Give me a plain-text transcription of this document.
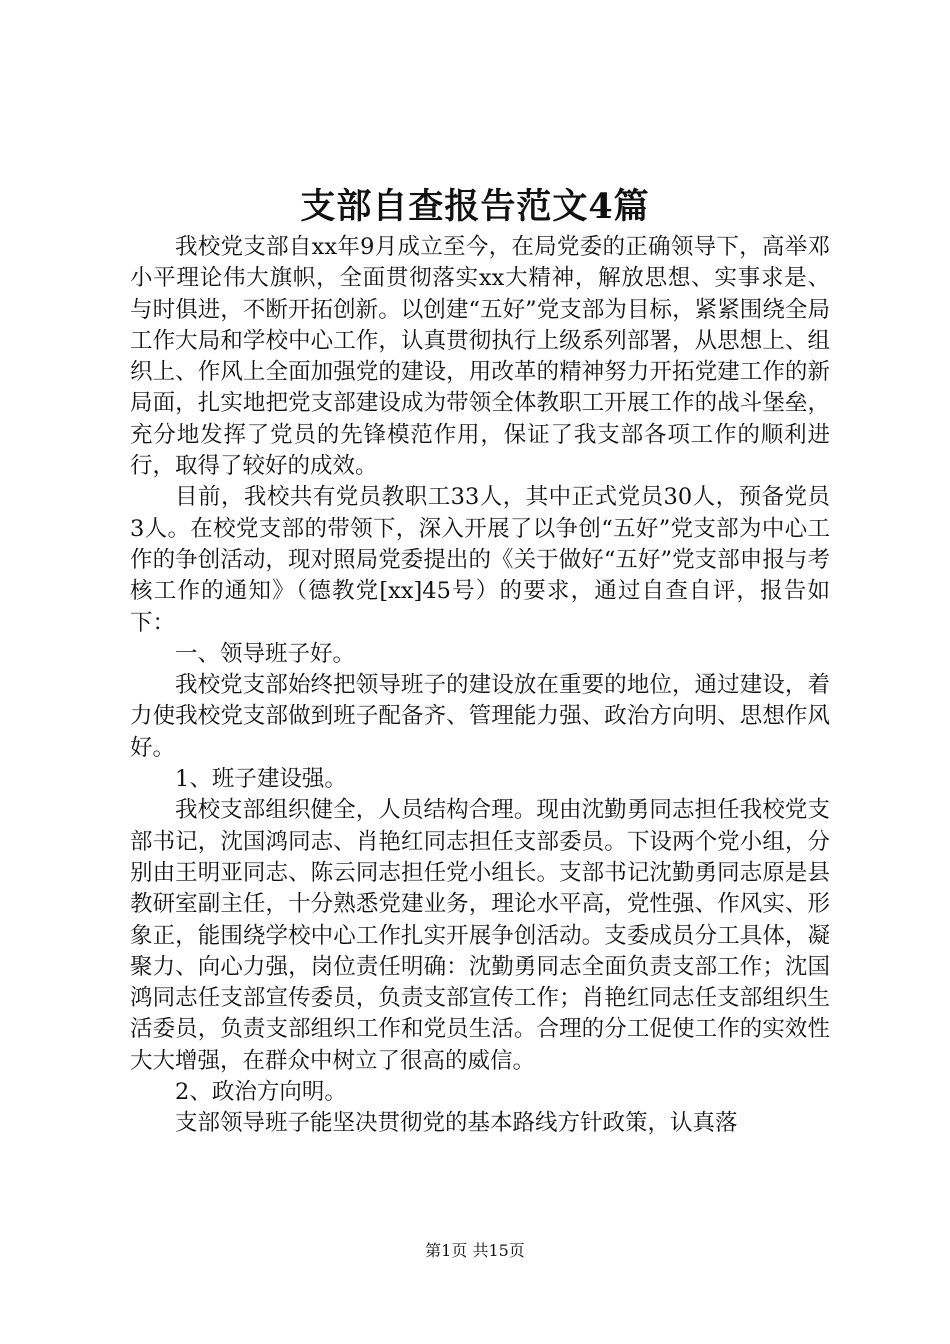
支部自查报告范文4篇

我校党支部自xx年9月成立至今，在局党委的正确领导下，高举邓小平理论伟大旗帜，全面贯彻落实xx大精神，解放思想、实事求是、与时俱进，不断开拓创新。以创建“五好”党支部为目标，紧紧围绕全局工作大局和学校中心工作，认真贯彻执行上级系列部署，从思想上、组织上、作风上全面加强党的建设，用改革的精神努力开拓党建工作的新局面，扎实地把党支部建设成为带领全体教职工开展工作的战斗堡垒，充分地发挥了党员的先锋模范作用，保证了我支部各项工作的顺利进行，取得了较好的成效。

目前，我校共有党员教职工33人，其中正式党员30人，预备党员3人。在校党支部的带领下，深入开展了以争创“五好”党支部为中心工作的争创活动，现对照局党委提出的《关于做好“五好”党支部申报与考核工作的通知》（德教党[xx]45号）的要求，通过自查自评，报告如下：

一、领导班子好。

我校党支部始终把领导班子的建设放在重要的地位，通过建设，着力使我校党支部做到班子配备齐、管理能力强、政治方向明、思想作风好。

1、班子建设强。

我校支部组织健全，人员结构合理。现由沈勤勇同志担任我校党支部书记，沈国鸿同志、肖艳红同志担任支部委员。下设两个党小组，分别由王明亚同志、陈云同志担任党小组长。支部书记沈勤勇同志原是县教研室副主任，十分熟悉党建业务，理论水平高，党性强、作风实、形象正，能围绕学校中心工作扎实开展争创活动。支委成员分工具体，凝聚力、向心力强，岗位责任明确：沈勤勇同志全面负责支部工作；沈国鸿同志任支部宣传委员，负责支部宣传工作；肖艳红同志任支部组织生活委员，负责支部组织工作和党员生活。合理的分工促使工作的实效性大大增强，在群众中树立了很高的威信。

2、政治方向明。

支部领导班子能坚决贯彻党的基本路线方针政策，认真落

第1页 共15页
